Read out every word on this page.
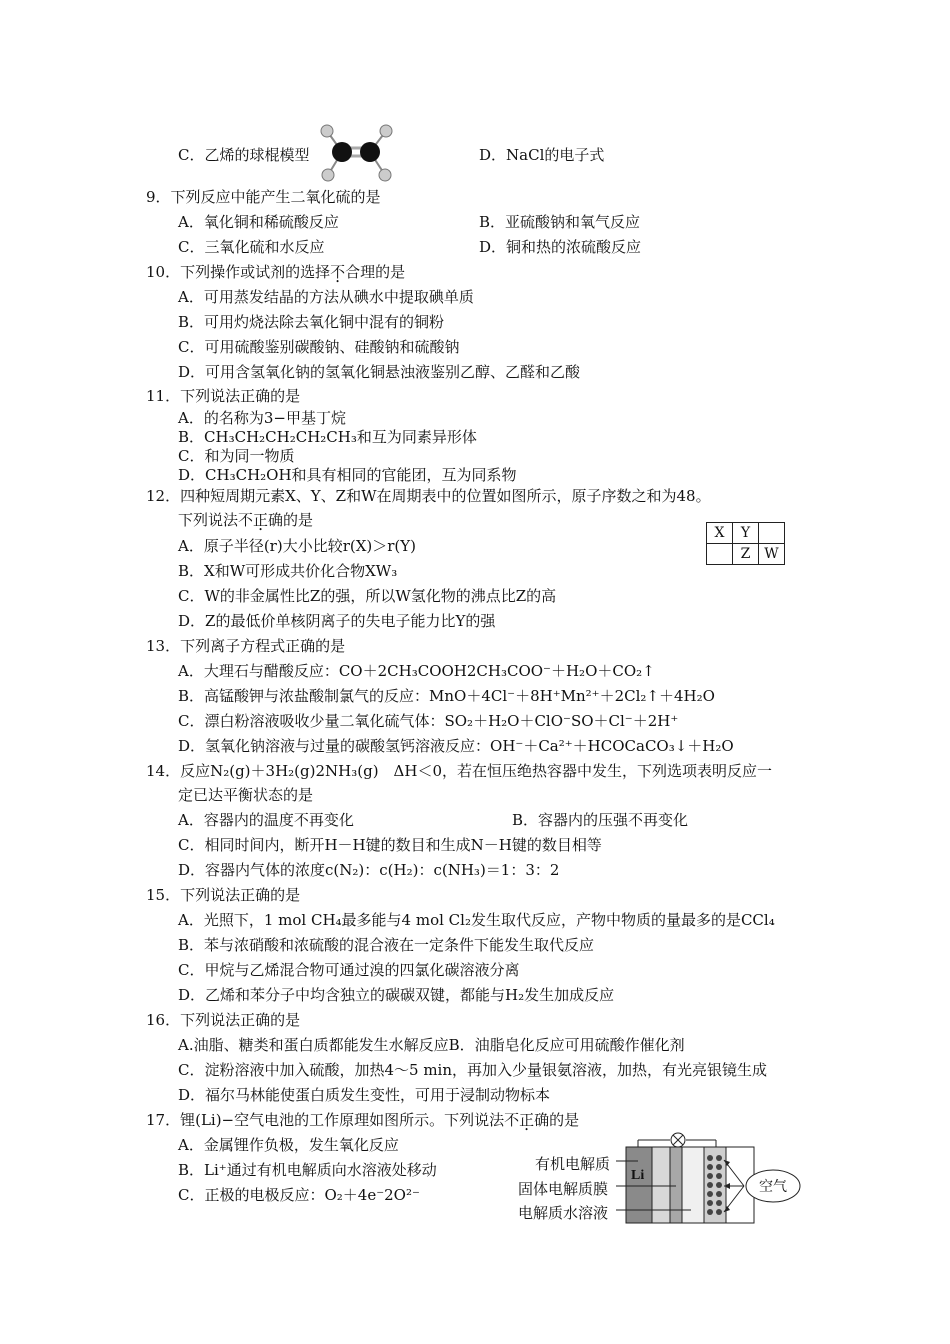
C．乙烯的球棍模型	D．NaCl的电子式
9．下列反应中能产生二氧化硫的是
A．氧化铜和稀硫酸反应	B．亚硫酸钠和氧气反应
C．三氧化硫和水反应	D．铜和热的浓硫酸反应
10．下列操作或试剂的选择不合理的是
A．可用蒸发结晶的方法从碘水中提取碘单质
B．可用灼烧法除去氧化铜中混有的铜粉
C．可用硫酸鉴别碳酸钠、硅酸钠和硫酸钠
D．可用含氢氧化钠的氢氧化铜悬浊液鉴别乙醇、乙醛和乙酸
11．下列说法正确的是
A．的名称为3−甲基丁烷
B．CH₃CH₂CH₂CH₂CH₃和互为同素异形体
C．和为同一物质
D．CH₃CH₂OH和具有相同的官能团，互为同系物
12．四种短周期元素X、Y、Z和W在周期表中的位置如图所示，原子序数之和为48。
下列说法不正确的是
A．原子半径(r)大小比较r(X)＞r(Y)
B．X和W可形成共价化合物XW₃
C．W的非金属性比Z的强，所以W氢化物的沸点比Z的高
D．Z的最低价单核阴离子的失电子能力比Y的强
X	Y	
	Z	W
13．下列离子方程式正确的是
A．大理石与醋酸反应：CO＋2CH₃COOH2CH₃COO⁻＋H₂O＋CO₂↑
B．高锰酸钾与浓盐酸制氯气的反应：MnO＋4Cl⁻＋8H⁺Mn²⁺＋2Cl₂↑＋4H₂O
C．漂白粉溶液吸收少量二氧化硫气体：SO₂＋H₂O＋ClO⁻SO＋Cl⁻＋2H⁺
D．氢氧化钠溶液与过量的碳酸氢钙溶液反应：OH⁻＋Ca²⁺＋HCOCaCO₃↓＋H₂O
14．反应N₂(g)＋3H₂(g)2NH₃(g)　ΔH＜0，若在恒压绝热容器中发生，下列选项表明反应一
定已达平衡状态的是
A．容器内的温度不再变化	B．容器内的压强不再变化
C．相同时间内，断开H－H键的数目和生成N－H键的数目相等
D．容器内气体的浓度c(N₂)：c(H₂)：c(NH₃)＝1：3：2
15．下列说法正确的是
A．光照下，1 mol CH₄最多能与4 mol Cl₂发生取代反应，产物中物质的量最多的是CCl₄
B．苯与浓硝酸和浓硫酸的混合液在一定条件下能发生取代反应
C．甲烷与乙烯混合物可通过溴的四氯化碳溶液分离
D．乙烯和苯分子中均含独立的碳碳双键，都能与H₂发生加成反应
16．下列说法正确的是
A.油脂、糖类和蛋白质都能发生水解反应B．油脂皂化反应可用硫酸作催化剂
C．淀粉溶液中加入硫酸，加热4～5 min，再加入少量银氨溶液，加热，有光亮银镜生成
D．福尔马林能使蛋白质发生变性，可用于浸制动物标本
17．锂(Li)−空气电池的工作原理如图所示。下列说法不正确的是
A．金属锂作负极，发生氧化反应
B．Li⁺通过有机电解质向水溶液处移动
C．正极的电极反应：O₂＋4e⁻2O²⁻
有机电解质
固体电解质膜
电解质水溶液
Li
空气
